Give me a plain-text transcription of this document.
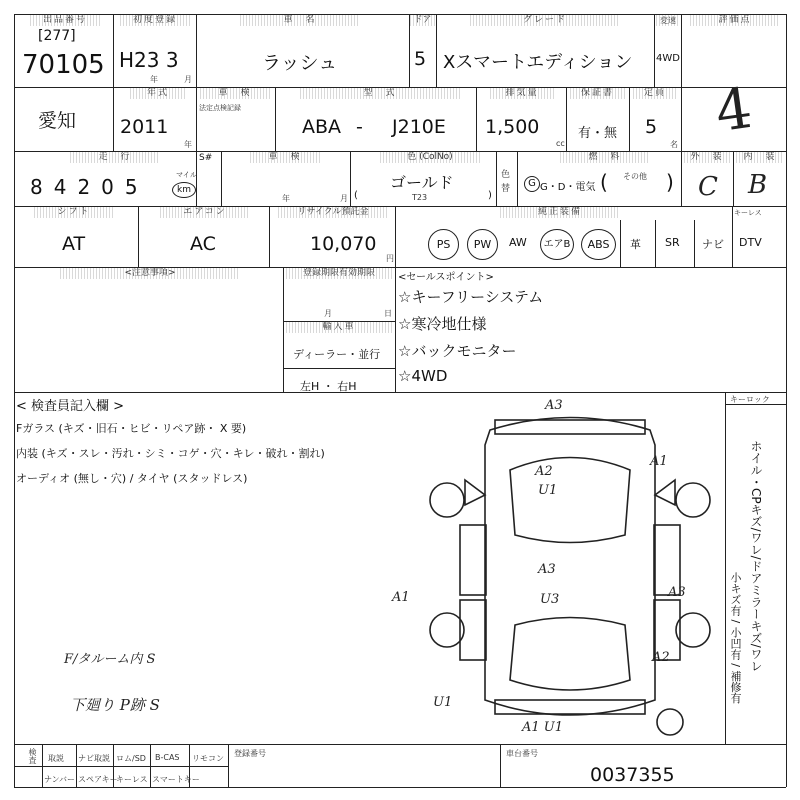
出品番号
[277]
70105
初度登録
H23 3
年	月
車　名
ラッシュ
ドア
5
グレード
Xスマートエディション
変速
4WD
評価点
4
愛知
年式
2011
年
車　検
法定点検記録
型　式
ABA - J210E
排気量
1,500
cc
保証書
有・無
定員
5
名
走　行
84205	マイル
km
S#	車　検
年	月
色 (ColNo)
ゴールド
T23
(	)
色替
燃　料
G G・D・電気 ( その他 )
外　装
C
内　装
B
シフト
AT
エアコン
AC
リサイクル預託金
10,070
円
純正装備	キーレス
PS	PW	AW	エアB	ABS	革 SR ナビ DTV
<注意事項>	登録期限有効期限
月	日
輸入車
ディーラー・並行
左H ・ 右H
<セールスポイント>
☆キーフリーシステム
☆寒冷地仕様
☆バックモニター
☆4WD
< 検査員記入欄 >
Fガラス (キズ・旧石・ヒビ・リペア跡・ X 要)
内装 (キズ・スレ・汚れ・シミ・コゲ・穴・キレ・破れ・割れ)
オーディオ (無し・穴) / タイヤ (スタッドレス)
F/タルーム内 S
下廻り P跡 S
キーロック
ホイル・CPキズ/ワレ/ドアミラーキズ/ワレ
小キズ有 / 小凹有 / 補修有
A3
A2
U1
A1
A3
U3
A1	A3
A2
U1
A1 U1
検査 取説 ナビ取説 ロム/SD B-CAS リモコン
ナンバー スペアキー
キーレス スマートキー
登録番号	車台番号
0037355
